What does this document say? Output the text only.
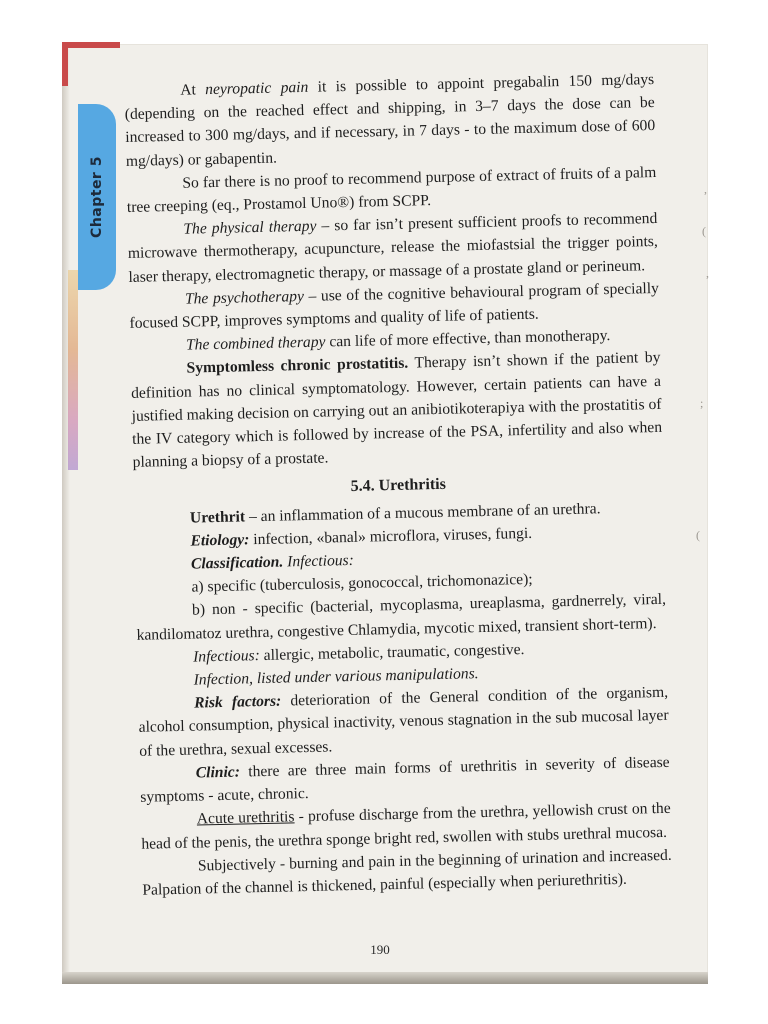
Chapter 5

At neyropatic pain it is possible to appoint pregabalin 150 mg/days (depending on the reached effect and shipping, in 3–7 days the dose can be increased to 300 mg/days, and if necessary, in 7 days - to the maximum dose of 600 mg/days) or gabapentin.

So far there is no proof to recommend purpose of extract of fruits of a palm tree creeping (eq., Prostamol Uno®) from SCPP.

The physical therapy – so far isn’t present sufficient proofs to recommend microwave thermotherapy, acupuncture, release the miofastsial the trigger points, laser therapy, electromagnetic therapy, or massage of a prostate gland or perineum.

The psychotherapy – use of the cognitive behavioural program of specially focused SCPP, improves symptoms and quality of life of patients.

The combined therapy can life of more effective, than monotherapy.

Symptomless chronic prostatitis. Therapy isn’t shown if the patient by definition has no clinical symptomatology. However, certain patients can have a justified making decision on carrying out an anibiotikoterapiya with the prostatitis of the IV category which is followed by increase of the PSA, infertility and also when planning a biopsy of a prostate.

5.4. Urethritis

Urethrit – an inflammation of a mucous membrane of an urethra.

Etiology: infection, «banal» microflora, viruses, fungi.

Classification. Infectious:

a) specific (tuberculosis, gonococcal, trichomonazice);

b) non - specific (bacterial, mycoplasma, ureaplasma, gardnerrely, viral, kandilomatoz urethra, congestive Chlamydia, mycotic mixed, transient short-term).

Infectious: allergic, metabolic, traumatic, congestive.

Infection, listed under various manipulations.

Risk factors: deterioration of the General condition of the organism, alcohol consumption, physical inactivity, venous stagnation in the sub mucosal layer of the urethra, sexual excesses.

Clinic: there are three main forms of urethritis in severity of disease symptoms - acute, chronic.

Acute urethritis - profuse discharge from the urethra, yellowish crust on the head of the penis, the urethra sponge bright red, swollen with stubs urethral mucosa.

Subjectively - burning and pain in the beginning of urination and increased. Palpation of the channel is thickened, painful (especially when periurethritis).

190
,
(
,
;
(
